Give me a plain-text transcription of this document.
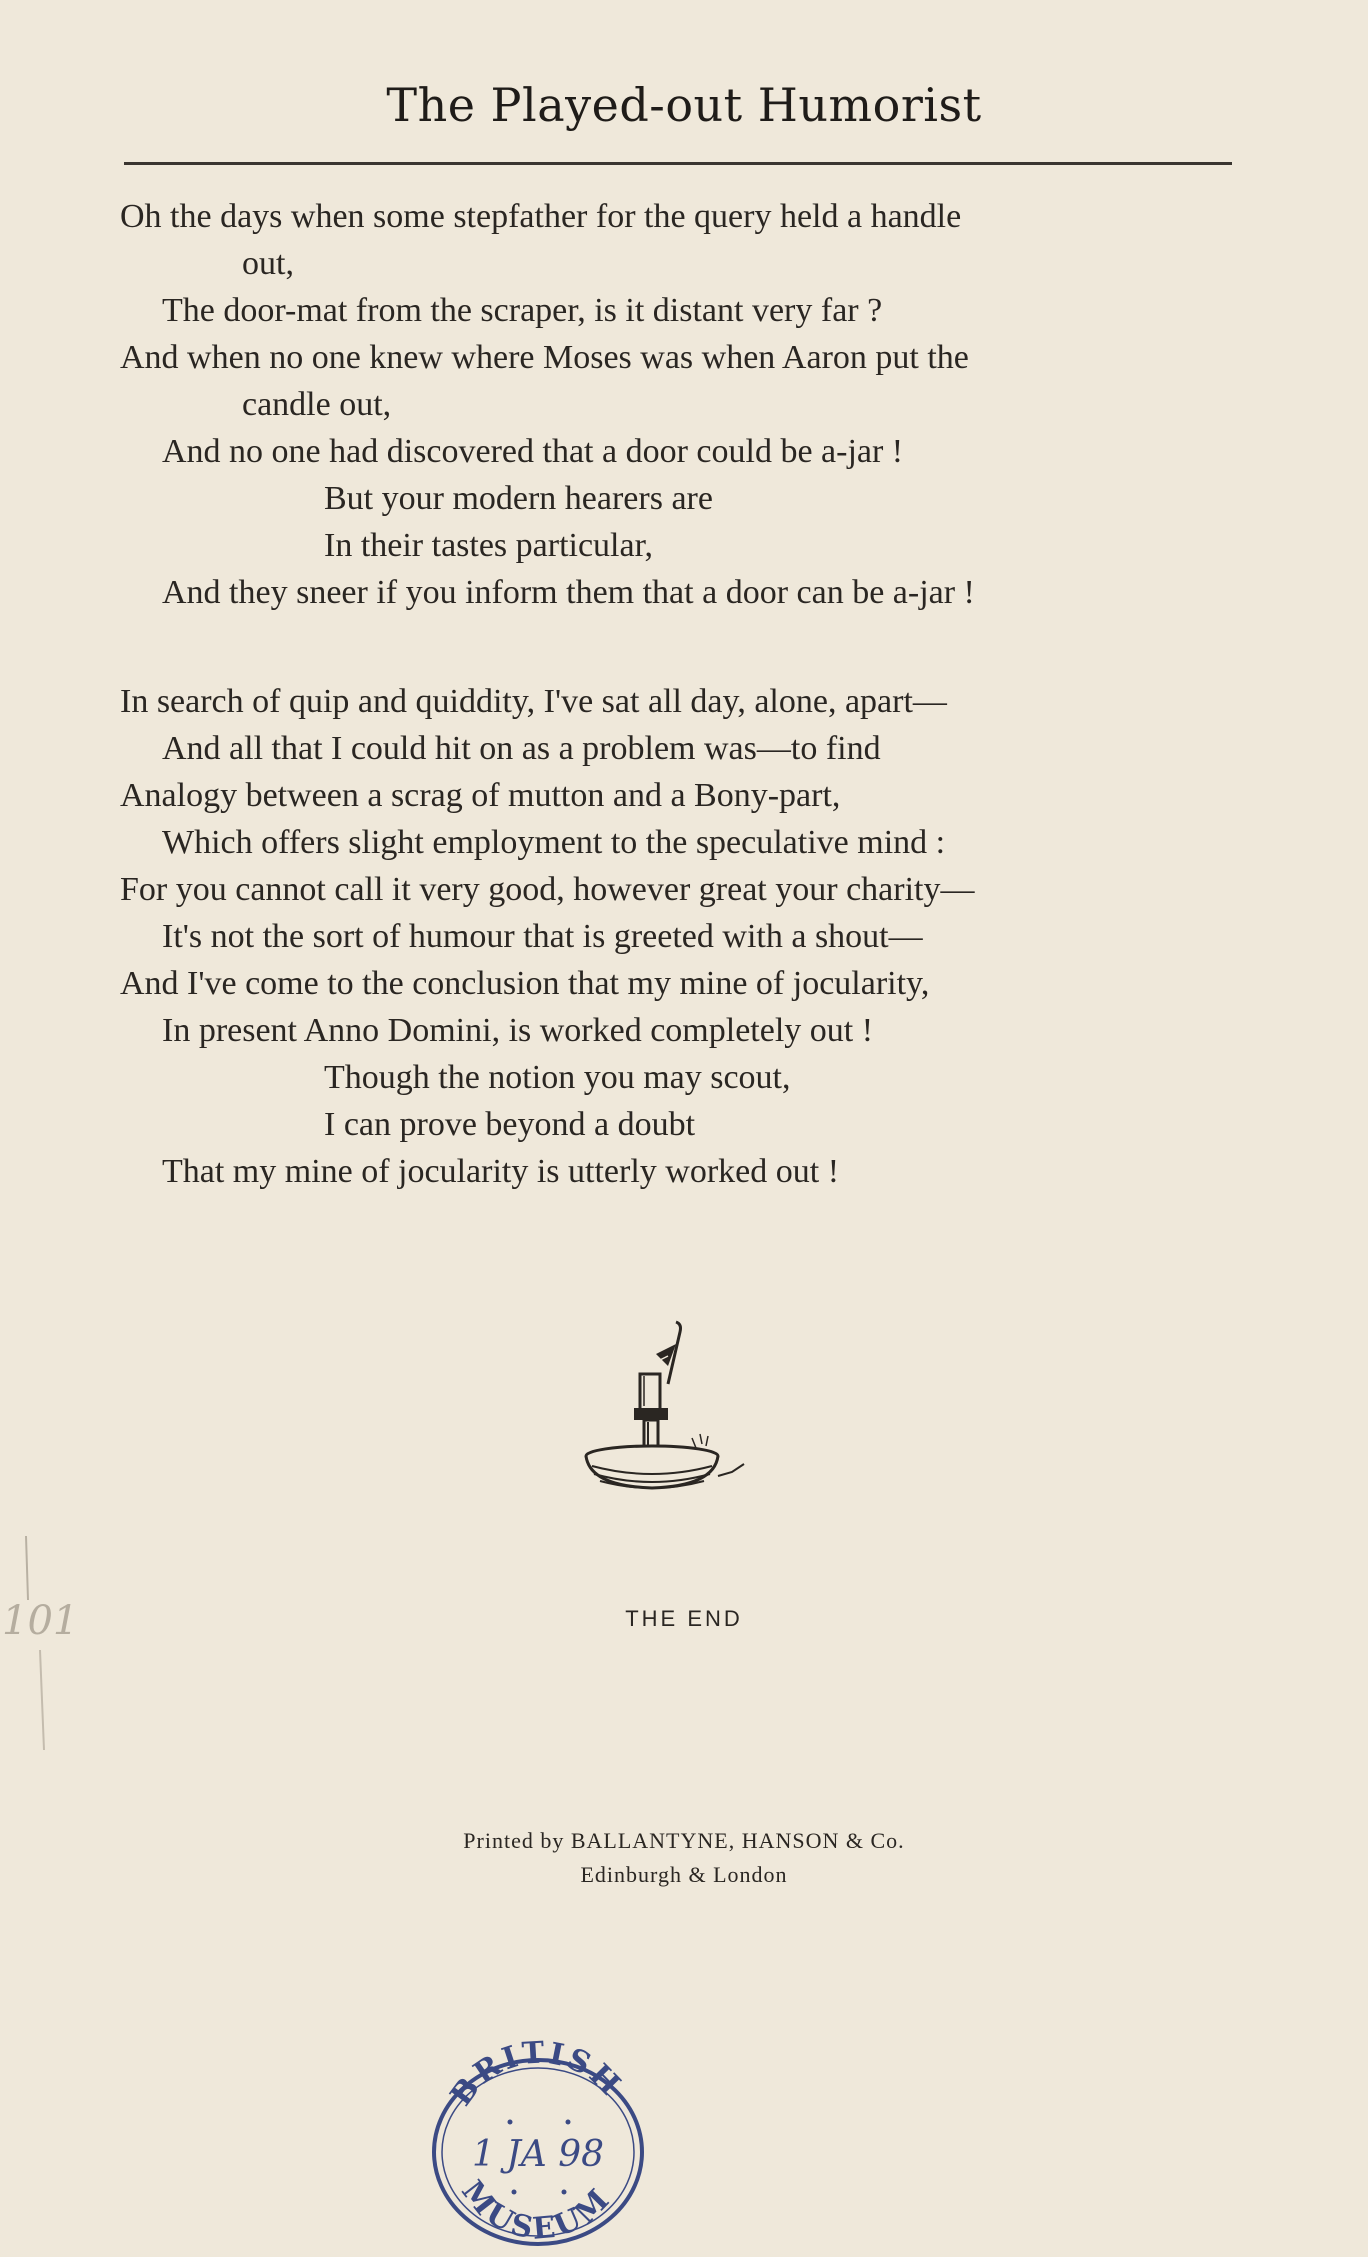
The Played-out Humorist
Oh the days when some stepfather for the query held a handle
out,
The door-mat from the scraper, is it distant very far ?
And when no one knew where Moses was when Aaron put the
candle out,
And no one had discovered that a door could be a-jar !
But your modern hearers are
In their tastes particular,
And they sneer if you inform them that a door can be a-jar !
In search of quip and quiddity, I've sat all day, alone, apart—
And all that I could hit on as a problem was—to find
Analogy between a scrag of mutton and a Bony-part,
Which offers slight employment to the speculative mind :
For you cannot call it very good, however great your charity—
It's not the sort of humour that is greeted with a shout—
And I've come to the conclusion that my mine of jocularity,
In present Anno Domini, is worked completely out !
Though the notion you may scout,
I can prove beyond a doubt
That my mine of jocularity is utterly worked out !
THE END
Printed by BALLANTYNE, HANSON & Co.
Edinburgh & London
BRITISH
1 JA 98
MUSEUM
101
